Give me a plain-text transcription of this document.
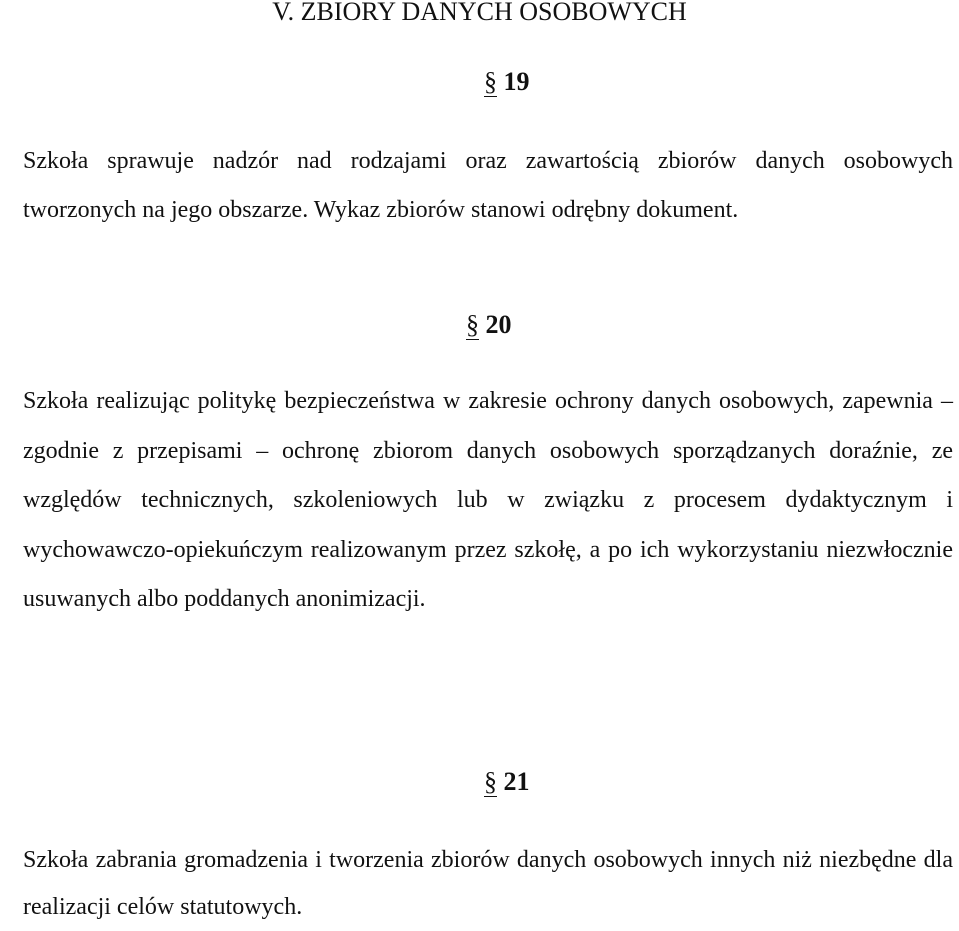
V. ZBIORY DANYCH OSOBOWYCH
§ 19

Szkoła sprawuje nadzór nad rodzajami oraz zawartością zbiorów danych osobowych tworzonych na jego obszarze. Wykaz zbiorów stanowi odrębny dokument.

§ 20

Szkoła realizując politykę bezpieczeństwa w zakresie ochrony danych osobowych, zapewnia – zgodnie z przepisami – ochronę zbiorom danych osobowych sporządzanych doraźnie, ze względów technicznych, szkoleniowych lub w związku z procesem dydaktycznym i wychowawczo-opiekuńczym realizowanym przez szkołę, a po ich wykorzystaniu niezwłocznie usuwanych albo poddanych anonimizacji.

§ 21

Szkoła zabrania gromadzenia i tworzenia zbiorów danych osobowych innych niż niezbędne dla realizacji celów statutowych.
